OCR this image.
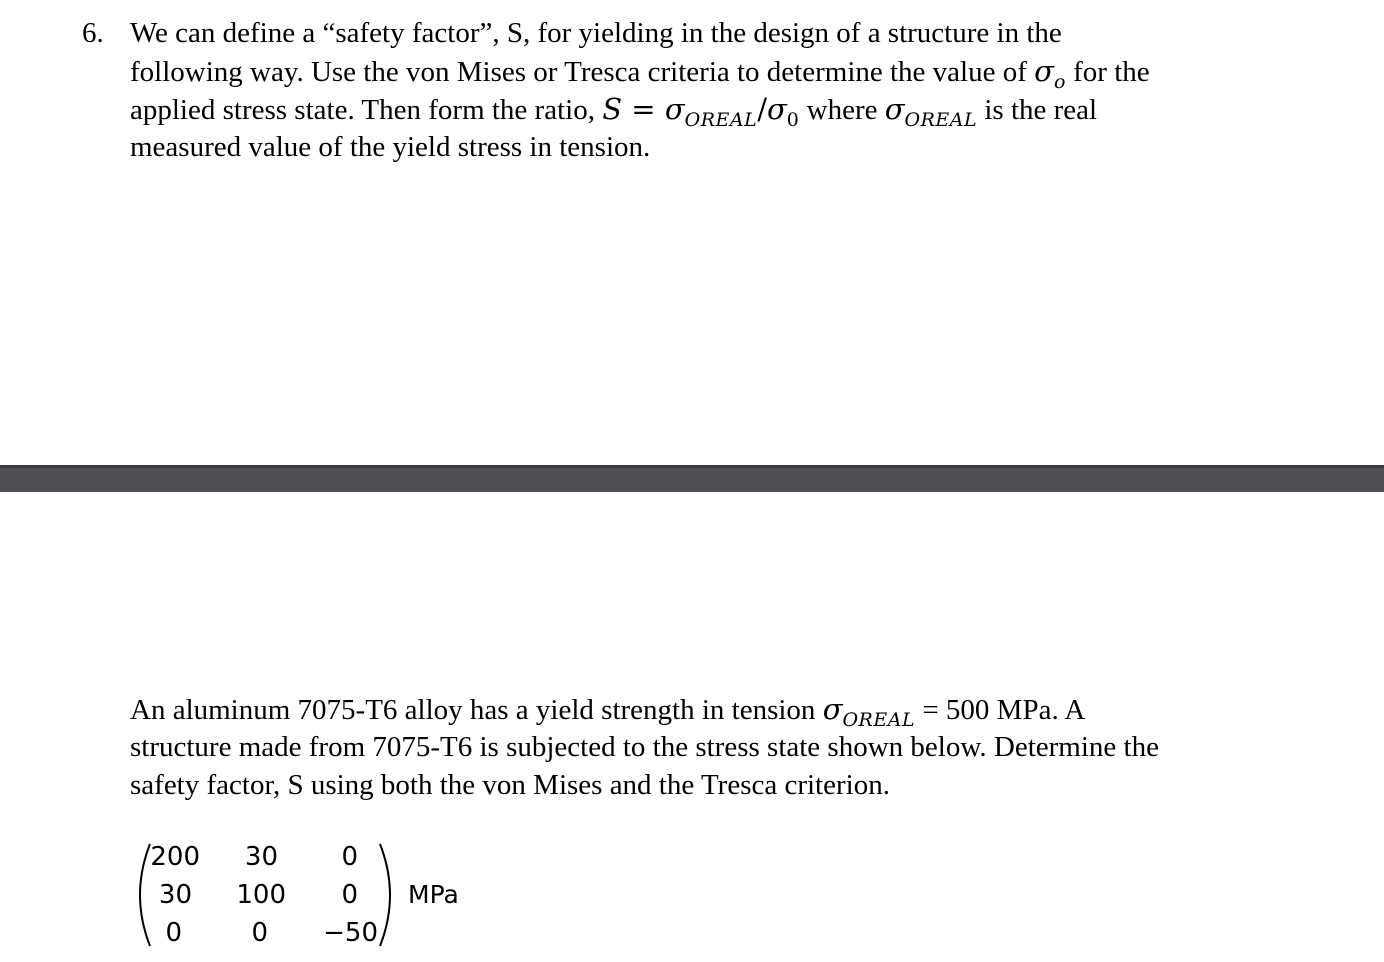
6. We can define a “safety factor”, S, for yielding in the design of a structure in the
following way. Use the von Mises or Tresca criteria to determine the value of $\sigma_o$ for the
applied stress state. Then form the ratio, $S = \sigma_{OREAL}/\sigma_0$ where $\sigma_{OREAL}$ is the real
measured value of the yield stress in tension.
An aluminum 7075-T6 alloy has a yield strength in tension $\sigma_{OREAL} = 500$ MPa. A
structure made from 7075-T6 is subjected to the stress state shown below. Determine the
safety factor, S using both the von Mises and the Tresca criterion.
200	30	0
30	100	0
0	0	−50
MPa
